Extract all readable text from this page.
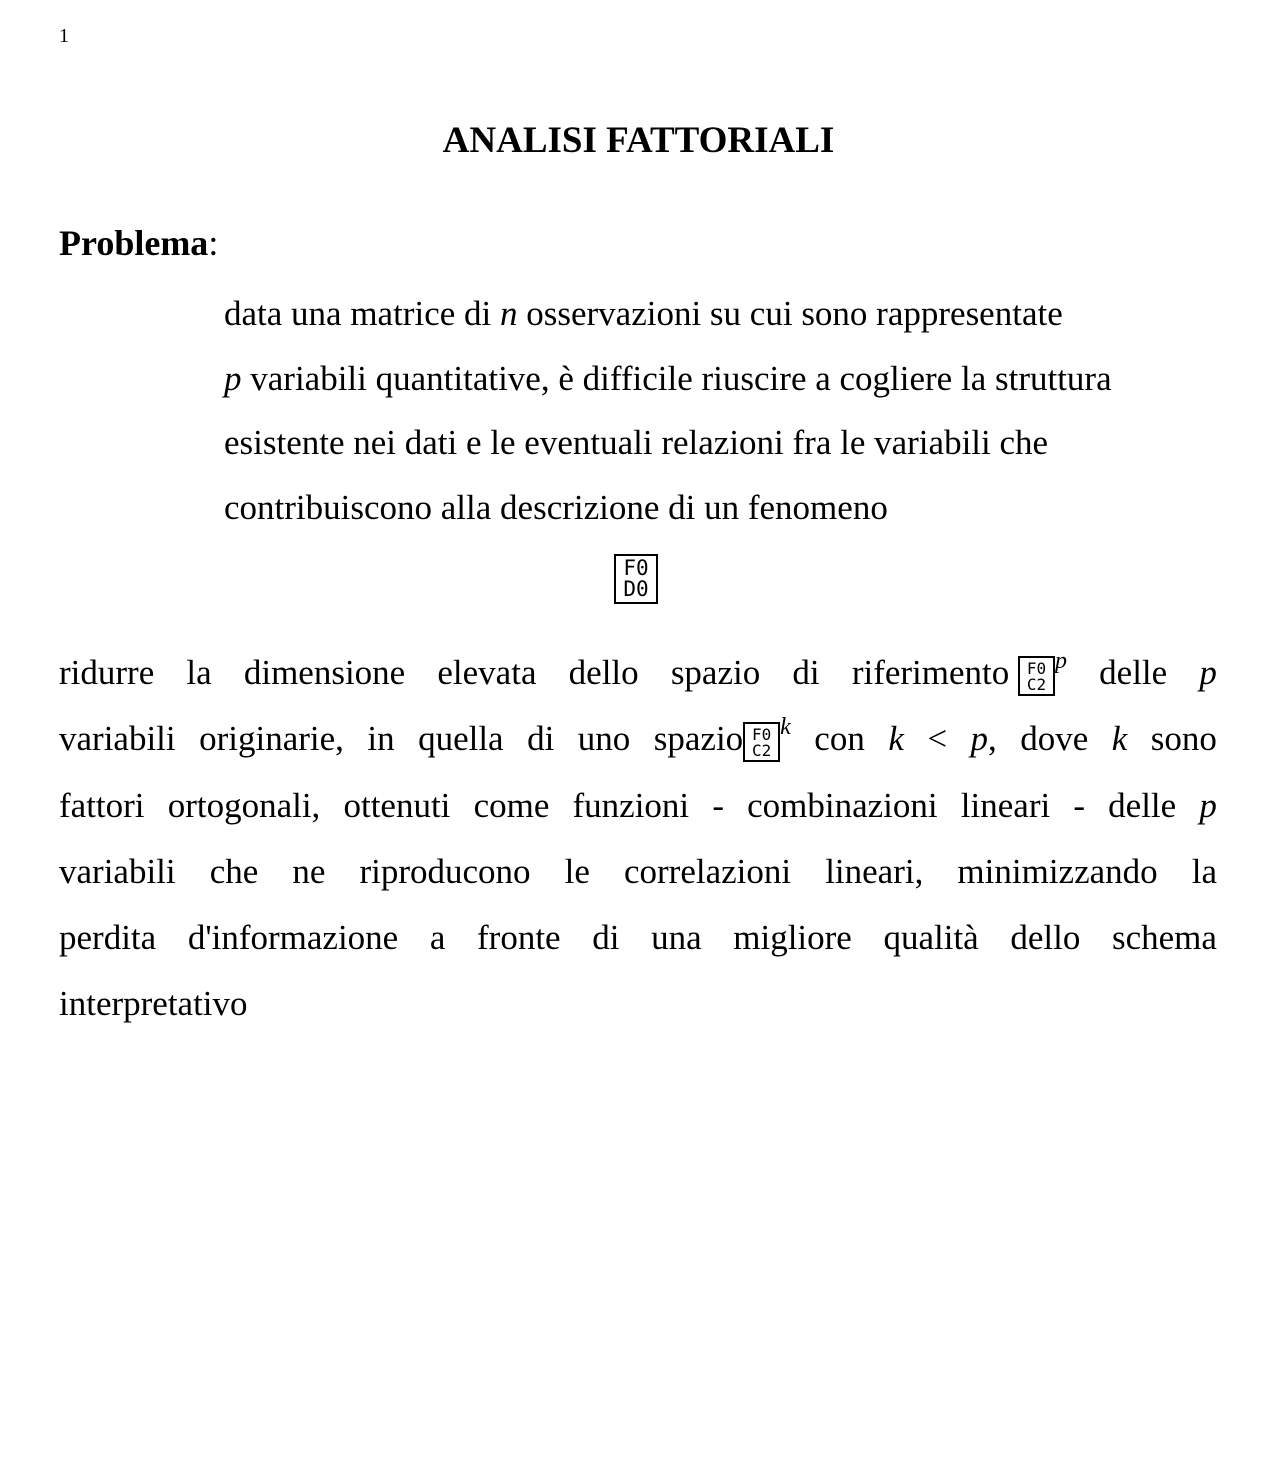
1
ANALISI FATTORIALI
Problema:
data una matrice di n osservazioni su cui sono rappresentate
p variabili quantitative, è difficile riuscire a cogliere la struttura
esistente nei dati e le eventuali relazioni fra le variabili che
contribuiscono alla descrizione di un fenomeno
F0
D0
ridurre la dimensione elevata dello spazio di riferimento	F0
C2
$^p$ delle p
variabili originarie, in quella di uno spazio F0
C2
$^k$ con k < p, dove k sono
fattori ortogonali, ottenuti come funzioni - combinazioni lineari - delle p
variabili che ne riproducono le correlazioni lineari, minimizzando la
perdita d'informazione a fronte di una migliore qualità dello schema
interpretativo
